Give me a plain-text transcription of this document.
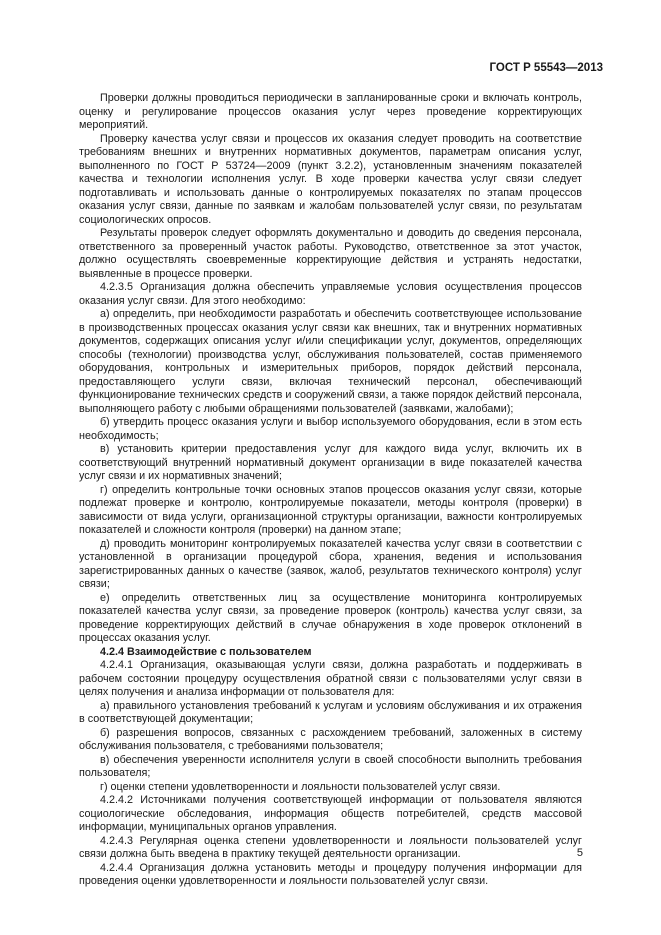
ГОСТ Р 55543—2013

Проверки должны проводиться периодически в запланированные сроки и включать контроль, оценку и регулирование процессов оказания услуг через проведение корректирующих мероприятий.

Проверку качества услуг связи и процессов их оказания следует проводить на соответствие требованиям внешних и внутренних нормативных документов, параметрам описания услуг, выполненного по ГОСТ Р 53724—2009 (пункт 3.2.2), установленным значениям показателей качества и технологии исполнения услуг. В ходе проверки качества услуг связи следует подготавливать и использовать данные о контролируемых показателях по этапам процессов оказания услуг связи, данные по заявкам и жалобам пользователей услуг связи, по результатам социологических опросов.

Результаты проверок следует оформлять документально и доводить до сведения персонала, ответственного за проверенный участок работы. Руководство, ответственное за этот участок, должно осуществлять своевременные корректирующие действия и устранять недостатки, выявленные в процессе проверки.

4.2.3.5 Организация должна обеспечить управляемые условия осуществления процессов оказания услуг связи. Для этого необходимо:

а) определить, при необходимости разработать и обеспечить соответствующее использование в производственных процессах оказания услуг связи как внешних, так и внутренних нормативных документов, содержащих описания услуг и/или спецификации услуг, документов, определяющих способы (технологии) производства услуг, обслуживания пользователей, состав применяемого оборудования, контрольных и измерительных приборов, порядок действий персонала, предоставляющего услуги связи, включая технический персонал, обеспечивающий функционирование технических средств и сооружений связи, а также порядок действий персонала, выполняющего работу с любыми обращениями пользователей (заявками, жалобами);

б) утвердить процесс оказания услуги и выбор используемого оборудования, если в этом есть необходимость;

в) установить критерии предоставления услуг для каждого вида услуг, включить их в соответствующий внутренний нормативный документ организации в виде показателей качества услуг связи и их нормативных значений;

г) определить контрольные точки основных этапов процессов оказания услуг связи, которые подлежат проверке и контролю, контролируемые показатели, методы контроля (проверки) в зависимости от вида услуги, организационной структуры организации, важности контролируемых показателей и сложности контроля (проверки) на данном этапе;

д) проводить мониторинг контролируемых показателей качества услуг связи в соответствии с установленной в организации процедурой сбора, хранения, ведения и использования зарегистрированных данных о качестве (заявок, жалоб, результатов технического контроля) услуг связи;

е) определить ответственных лиц за осуществление мониторинга контролируемых показателей качества услуг связи, за проведение проверок (контроль) качества услуг связи, за проведение корректирующих действий в случае обнаружения в ходе проверок отклонений в процессах оказания услуг.

4.2.4 Взаимодействие с пользователем

4.2.4.1 Организация, оказывающая услуги связи, должна разработать и поддерживать в рабочем состоянии процедуру осуществления обратной связи с пользователями услуг связи в целях получения и анализа информации от пользователя для:

а) правильного установления требований к услугам и условиям обслуживания и их отражения в соответствующей документации;

б) разрешения вопросов, связанных с расхождением требований, заложенных в систему обслуживания пользователя, с требованиями пользователя;

в) обеспечения уверенности исполнителя услуги в своей способности выполнить требования пользователя;

г) оценки степени удовлетворенности и лояльности пользователей услуг связи.

4.2.4.2 Источниками получения соответствующей информации от пользователя являются социологические обследования, информация обществ потребителей, средств массовой информации, муниципальных органов управления.

4.2.4.3 Регулярная оценка степени удовлетворенности и лояльности пользователей услуг связи должна быть введена в практику текущей деятельности организации.

4.2.4.4 Организация должна установить методы и процедуру получения информации для проведения оценки удовлетворенности и лояльности пользователей услуг связи.

5
